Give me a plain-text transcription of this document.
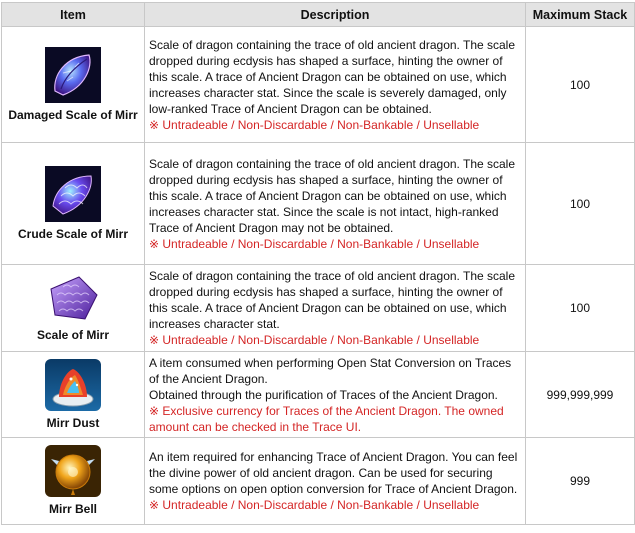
Item	Description	Maximum Stack

Damaged Scale of Mirr	Scale of dragon containing the trace of old ancient dragon. The scale dropped during ecdysis has shaped a surface, hinting the owner of this scale. A trace of Ancient Dragon can be obtained on use, which increases character stat. Since the scale is severely damaged, only low-ranked Trace of Ancient Dragon can be obtained.
※ Untradeable / Non-Discardable / Non-Bankable / Unsellable	100

Crude Scale of Mirr	Scale of dragon containing the trace of old ancient dragon. The scale dropped during ecdysis has shaped a surface, hinting the owner of this scale. A trace of Ancient Dragon can be obtained on use, which increases character stat. Since the scale is not intact, high-ranked Trace of Ancient Dragon may not be obtained.
※ Untradeable / Non-Discardable / Non-Bankable / Unsellable	100

Scale of Mirr	Scale of dragon containing the trace of old ancient dragon. The scale dropped during ecdysis has shaped a surface, hinting the owner of this scale. A trace of Ancient Dragon can be obtained on use, which increases character stat.
※ Untradeable / Non-Discardable / Non-Bankable / Unsellable	100

Mirr Dust	A item consumed when performing Open Stat Conversion on Traces of the Ancient Dragon.
Obtained through the purification of Traces of the Ancient Dragon.
※ Exclusive currency for Traces of the Ancient Dragon. The owned amount can be checked in the Trace UI.	999,999,999

Mirr Bell	An item required for enhancing Trace of Ancient Dragon. You can feel the divine power of old ancient dragon. Can be used for securing some options on open option conversion for Trace of Ancient Dragon.
※ Untradeable / Non-Discardable / Non-Bankable / Unsellable	999
